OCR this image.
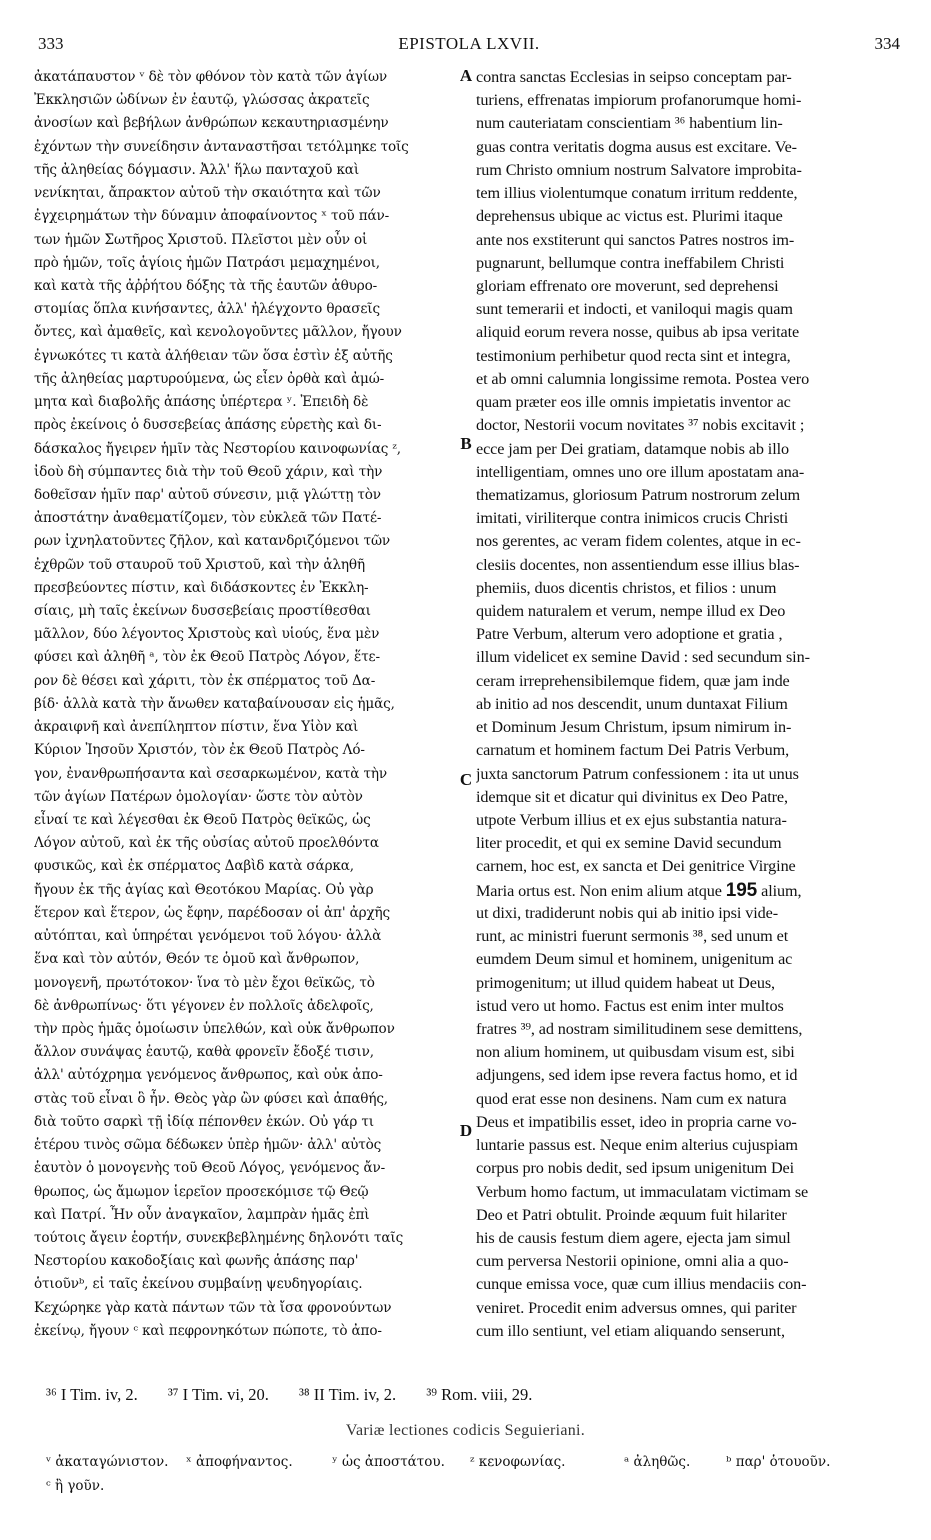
333	EPISTOLA LXVII.	334
ἀκατάπαυστον ᵛ δὲ τὸν φθόνον τὸν κατὰ τῶν ἁγίων
Ἐκκλησιῶν ὠδίνων ἐν ἑαυτῷ, γλώσσας ἀκρατεῖς
ἀνοσίων καὶ βεβήλων ἀνθρώπων κεκαυτηριασμένην
ἐχόντων τὴν συνείδησιν ἀνταναστῆσαι τετόλμηκε τοῖς
τῆς ἀληθείας δόγμασιν. Ἀλλ' ἥλω πανταχοῦ καὶ
νενίκηται, ἄπρακτον αὐτοῦ τὴν σκαιότητα καὶ τῶν
ἐγχειρημάτων τὴν δύναμιν ἀποφαίνοντος ˣ τοῦ πάν-
των ἡμῶν Σωτῆρος Χριστοῦ. Πλεῖστοι μὲν οὖν οἱ
πρὸ ἡμῶν, τοῖς ἁγίοις ἡμῶν Πατράσι μεμαχημένοι,
καὶ κατὰ τῆς ἀῤῥήτου δόξης τὰ τῆς ἑαυτῶν ἀθυρο-
στομίας ὅπλα κινήσαντες, ἀλλ' ἠλέγχοντο θρασεῖς
ὄντες, καὶ ἀμαθεῖς, καὶ κενολογοῦντες μᾶλλον, ἤγουν
ἐγνωκότες τι κατὰ ἀλήθειαν τῶν ὅσα ἐστὶν ἐξ αὐτῆς
τῆς ἀληθείας μαρτυρούμενα, ὡς εἶεν ὀρθὰ καὶ ἀμώ-
μητα καὶ διαβολῆς ἁπάσης ὑπέρτερα ʸ. Ἐπειδὴ δὲ
πρὸς ἐκείνοις ὁ δυσσεβείας ἁπάσης εὑρετὴς καὶ δι-
δάσκαλος ἤγειρεν ἡμῖν τὰς Νεστορίου καινοφωνίας ᶻ,
ἰδοὺ δὴ σύμπαντες διὰ τὴν τοῦ Θεοῦ χάριν, καὶ τὴν
δοθεῖσαν ἡμῖν παρ' αὐτοῦ σύνεσιν, μιᾷ γλώττῃ τὸν
ἀποστάτην ἀναθεματίζομεν, τὸν εὐκλεᾶ τῶν Πατέ-
ρων ἰχνηλατοῦντες ζῆλον, καὶ κατανδριζόμενοι τῶν
ἐχθρῶν τοῦ σταυροῦ τοῦ Χριστοῦ, καὶ τὴν ἀληθῆ
πρεσβεύοντες πίστιν, καὶ διδάσκοντες ἐν Ἐκκλη-
σίαις, μὴ ταῖς ἐκείνων δυσσεβείαις προστίθεσθαι
μᾶλλον, δύο λέγοντος Χριστοὺς καὶ υἱούς, ἕνα μὲν
φύσει καὶ ἀληθῆ ᵃ, τὸν ἐκ Θεοῦ Πατρὸς Λόγον, ἕτε-
ρον δὲ θέσει καὶ χάριτι, τὸν ἐκ σπέρματος τοῦ Δα-
βίδ· ἀλλὰ κατὰ τὴν ἄνωθεν καταβαίνουσαν εἰς ἡμᾶς,
ἀκραιφνῆ καὶ ἀνεπίληπτον πίστιν, ἕνα Υἱὸν καὶ
Κύριον Ἰησοῦν Χριστόν, τὸν ἐκ Θεοῦ Πατρὸς Λό-
γον, ἐνανθρωπήσαντα καὶ σεσαρκωμένον, κατὰ τὴν
τῶν ἁγίων Πατέρων ὁμολογίαν· ὥστε τὸν αὐτὸν
εἶναί τε καὶ λέγεσθαι ἐκ Θεοῦ Πατρὸς θεϊκῶς, ὡς
Λόγον αὐτοῦ, καὶ ἐκ τῆς οὐσίας αὐτοῦ προελθόντα
φυσικῶς, καὶ ἐκ σπέρματος Δαβὶδ κατὰ σάρκα,
ἤγουν ἐκ τῆς ἁγίας καὶ Θεοτόκου Μαρίας. Οὐ γὰρ
ἕτερον καὶ ἕτερον, ὡς ἔφην, παρέδοσαν οἱ ἀπ' ἀρχῆς
αὐτόπται, καὶ ὑπηρέται γενόμενοι τοῦ λόγου· ἀλλὰ
ἕνα καὶ τὸν αὐτόν, Θεόν τε ὁμοῦ καὶ ἄνθρωπον,
μονογενῆ, πρωτότοκον· ἵνα τὸ μὲν ἔχοι θεϊκῶς, τὸ
δὲ ἀνθρωπίνως· ὅτι γέγονεν ἐν πολλοῖς ἀδελφοῖς,
τὴν πρὸς ἡμᾶς ὁμοίωσιν ὑπελθών, καὶ οὐκ ἄνθρωπον
ἄλλον συνάψας ἑαυτῷ, καθὰ φρονεῖν ἔδοξέ τισιν,
ἀλλ' αὐτόχρημα γενόμενος ἄνθρωπος, καὶ οὐκ ἀπο-
στὰς τοῦ εἶναι ὃ ἦν. Θεὸς γὰρ ὢν φύσει καὶ ἀπαθής,
διὰ τοῦτο σαρκὶ τῇ ἰδίᾳ πέπονθεν ἑκών. Οὐ γάρ τι
ἑτέρου τινὸς σῶμα δέδωκεν ὑπὲρ ἡμῶν· ἀλλ' αὐτὸς
ἑαυτὸν ὁ μονογενὴς τοῦ Θεοῦ Λόγος, γενόμενος ἄν-
θρωπος, ὡς ἄμωμον ἱερεῖον προσεκόμισε τῷ Θεῷ
καὶ Πατρί. Ἦν οὖν ἀναγκαῖον, λαμπρὰν ἡμᾶς ἐπὶ
τούτοις ἄγειν ἑορτήν, συνεκβεβλημένης δηλονότι ταῖς
Νεστορίου κακοδοξίαις καὶ φωνῆς ἁπάσης παρ'
ὁτιοῦνᵇ, εἰ ταῖς ἐκείνου συμβαίνῃ ψευδηγορίαις.
Κεχώρηκε γὰρ κατὰ πάντων τῶν τὰ ἴσα φρονούντων
ἐκείνῳ, ἤγουν ᶜ καὶ πεφρονηκότων πώποτε, τὸ ἀπο-
A
B
C
D
contra sanctas Ecclesias in seipso conceptam par-
turiens, effrenatas impiorum profanorumque homi-
num cauteriatam conscientiam ³⁶ habentium lin-
guas contra veritatis dogma ausus est excitare. Ve-
rum Christo omnium nostrum Salvatore improbita-
tem illius violentumque conatum irritum reddente,
deprehensus ubique ac victus est. Plurimi itaque
ante nos exstiterunt qui sanctos Patres nostros im-
pugnarunt, bellumque contra ineffabilem Christi
gloriam effrenato ore moverunt, sed deprehensi
sunt temerarii et indocti, et vaniloqui magis quam
aliquid eorum revera nosse, quibus ab ipsa veritate
testimonium perhibetur quod recta sint et integra,
et ab omni calumnia longissime remota. Postea vero
quam præter eos ille omnis impietatis inventor ac
doctor, Nestorii vocum novitates ³⁷ nobis excitavit ;
ecce jam per Dei gratiam, datamque nobis ab illo
intelligentiam, omnes uno ore illum apostatam ana-
thematizamus, gloriosum Patrum nostrorum zelum
imitati, viriliterque contra inimicos crucis Christi
nos gerentes, ac veram fidem colentes, atque in ec-
clesiis docentes, non assentiendum esse illius blas-
phemiis, duos dicentis christos, et filios : unum
quidem naturalem et verum, nempe illud ex Deo
Patre Verbum, alterum vero adoptione et gratia ,
illum videlicet ex semine David : sed secundum sin-
ceram irreprehensibilemque fidem, quæ jam inde
ab initio ad nos descendit, unum duntaxat Filium
et Dominum Jesum Christum, ipsum nimirum in-
carnatum et hominem factum Dei Patris Verbum,
juxta sanctorum Patrum confessionem : ita ut unus
idemque sit et dicatur qui divinitus ex Deo Patre,
utpote Verbum illius et ex ejus substantia natura-
liter procedit, et qui ex semine David secundum
carnem, hoc est, ex sancta et Dei genitrice Virgine
Maria ortus est. Non enim alium atque 195 alium,
ut dixi, tradiderunt nobis qui ab initio ipsi vide-
runt, ac ministri fuerunt sermonis ³⁸, sed unum et
eumdem Deum simul et hominem, unigenitum ac
primogenitum; ut illud quidem habeat ut Deus,
istud vero ut homo. Factus est enim inter multos
fratres ³⁹, ad nostram similitudinem sese demittens,
non alium hominem, ut quibusdam visum est, sibi
adjungens, sed idem ipse revera factus homo, et id
quod erat esse non desinens. Nam cum ex natura
Deus et impatibilis esset, ideo in propria carne vo-
luntarie passus est. Neque enim alterius cujuspiam
corpus pro nobis dedit, sed ipsum unigenitum Dei
Verbum homo factum, ut immaculatam victimam se
Deo et Patri obtulit. Proinde æquum fuit hilariter
his de causis festum diem agere, ejecta jam simul
cum perversa Nestorii opinione, omni alia a quo-
cunque emissa voce, quæ cum illius mendaciis con-
veniret. Procedit enim adversus omnes, qui pariter
cum illo sentiunt, vel etiam aliquando senserunt,
³⁶ I Tim. iv, 2. ³⁷ I Tim. vi, 20. ³⁸ II Tim. iv, 2. ³⁹ Rom. viii, 29.
Variæ lectiones codicis Seguieriani.
ᵛ ἀκαταγώνιστον. ˣ ἀποφήναντος.	ʸ ὡς ἀποστάτου. ᶻ κενοφωνίας.	ᵃ ἀληθῶς.	ᵇ παρ' ὁτουοῦν.
ᶜ ἢ γοῦν.
